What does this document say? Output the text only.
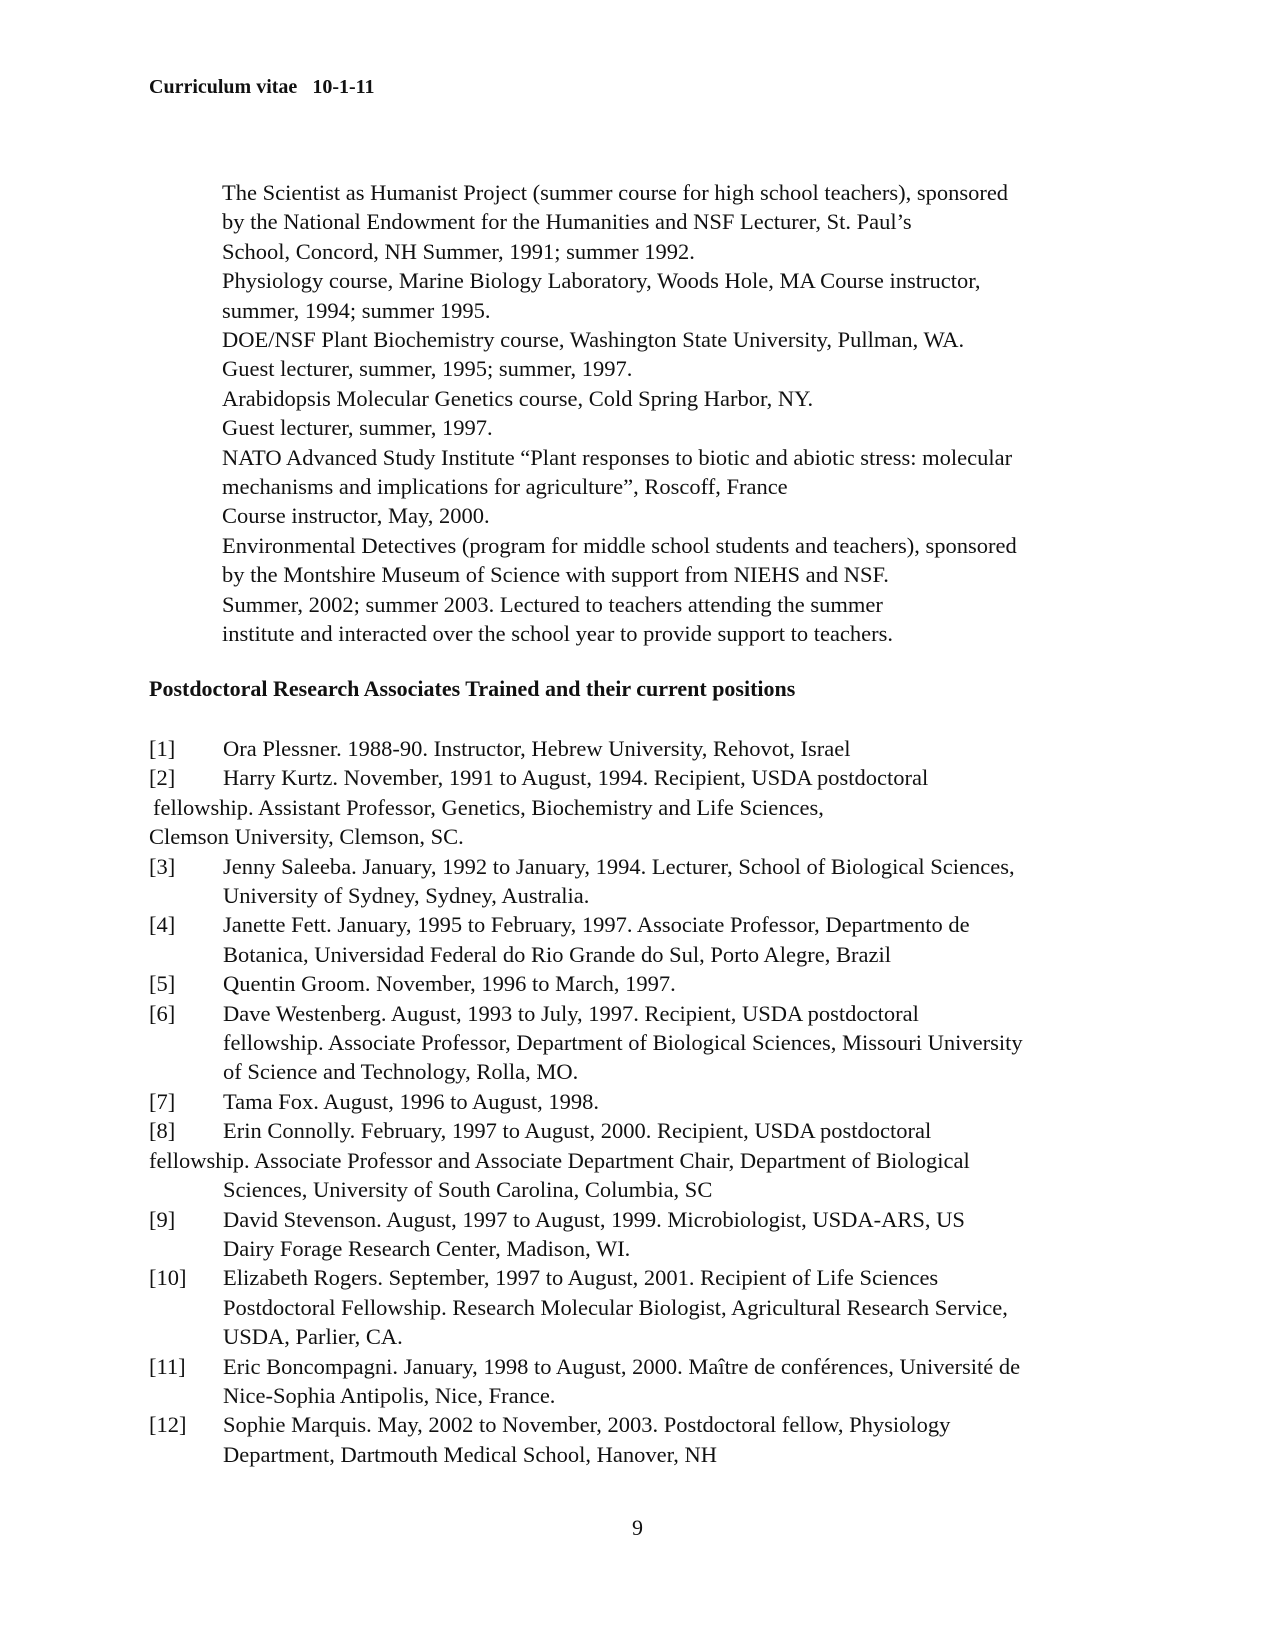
Curriculum vitae 10-1-11
The Scientist as Humanist Project (summer course for high school teachers), sponsored
by the National Endowment for the Humanities and NSF Lecturer, St. Paul’s
School, Concord, NH Summer, 1991; summer 1992.
Physiology course, Marine Biology Laboratory, Woods Hole, MA Course instructor,
summer, 1994; summer 1995.
DOE/NSF Plant Biochemistry course, Washington State University, Pullman, WA.
Guest lecturer, summer, 1995; summer, 1997.
Arabidopsis Molecular Genetics course, Cold Spring Harbor, NY.
Guest lecturer, summer, 1997.
NATO Advanced Study Institute “Plant responses to biotic and abiotic stress: molecular
mechanisms and implications for agriculture”, Roscoff, France
Course instructor, May, 2000.
Environmental Detectives (program for middle school students and teachers), sponsored
by the Montshire Museum of Science with support from NIEHS and NSF.
Summer, 2002; summer 2003. Lectured to teachers attending the summer
institute and interacted over the school year to provide support to teachers.
Postdoctoral Research Associates Trained and their current positions
[1] Ora Plessner. 1988-90. Instructor, Hebrew University, Rehovot, Israel
[2] Harry Kurtz. November, 1991 to August, 1994. Recipient, USDA postdoctoral
fellowship. Assistant Professor, Genetics, Biochemistry and Life Sciences,
Clemson University, Clemson, SC.
[3] Jenny Saleeba. January, 1992 to January, 1994. Lecturer, School of Biological Sciences,
University of Sydney, Sydney, Australia.
[4] Janette Fett. January, 1995 to February, 1997. Associate Professor, Departmento de
Botanica, Universidad Federal do Rio Grande do Sul, Porto Alegre, Brazil
[5] Quentin Groom. November, 1996 to March, 1997.
[6] Dave Westenberg. August, 1993 to July, 1997. Recipient, USDA postdoctoral
fellowship. Associate Professor, Department of Biological Sciences, Missouri University
of Science and Technology, Rolla, MO.
[7] Tama Fox. August, 1996 to August, 1998.
[8] Erin Connolly. February, 1997 to August, 2000. Recipient, USDA postdoctoral
fellowship. Associate Professor and Associate Department Chair, Department of Biological
Sciences, University of South Carolina, Columbia, SC
[9] David Stevenson. August, 1997 to August, 1999. Microbiologist, USDA-ARS, US
Dairy Forage Research Center, Madison, WI.
[10] Elizabeth Rogers. September, 1997 to August, 2001. Recipient of Life Sciences
Postdoctoral Fellowship. Research Molecular Biologist, Agricultural Research Service,
USDA, Parlier, CA.
[11] Eric Boncompagni. January, 1998 to August, 2000. Maître de conférences, Université de
Nice-Sophia Antipolis, Nice, France.
[12] Sophie Marquis. May, 2002 to November, 2003. Postdoctoral fellow, Physiology
Department, Dartmouth Medical School, Hanover, NH
9
